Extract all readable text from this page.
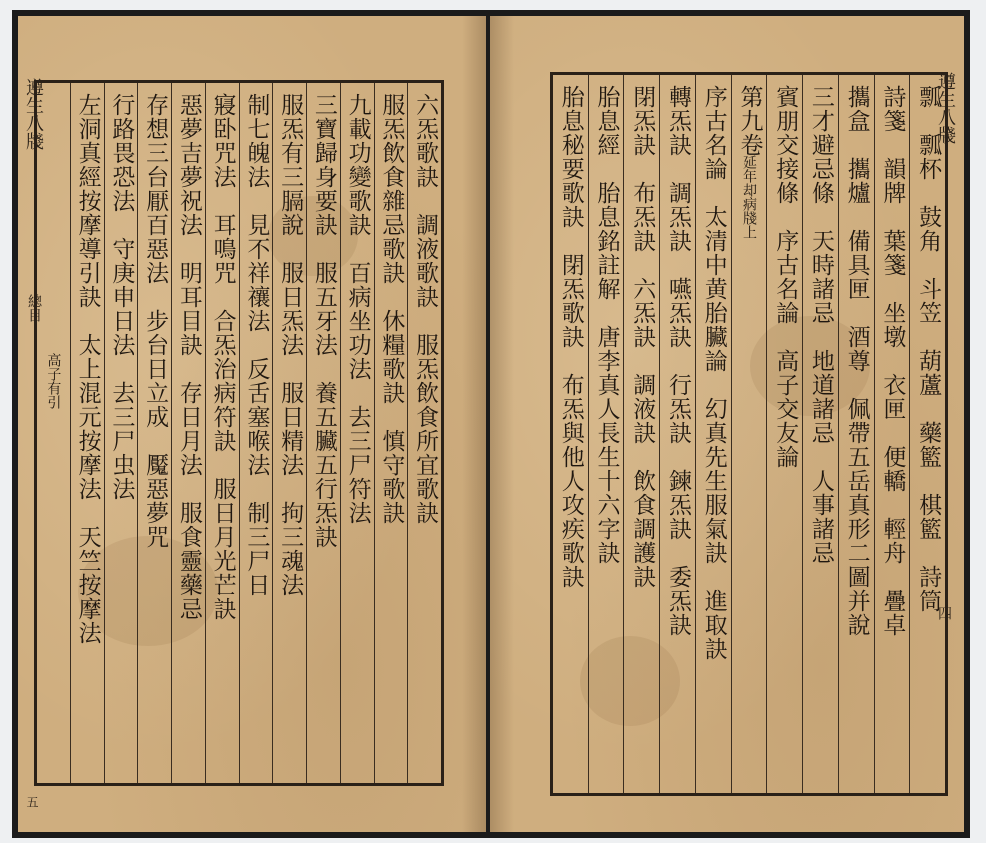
遵生八牋
總目
五
六炁歌訣　調液歌訣　服炁飲食所宜歌訣
服炁飲食雜忌歌訣　休糧歌訣　慎守歌訣
九載功變歌訣　百病坐功法　去三尸符法
三寶歸身要訣　服五牙法　養五臟五行炁訣
服炁有三膈說　服日炁法　服日精法　拘三魂法
制七魄法　見不祥禳法　反舌塞喉法　制三尸日
寢卧咒法　耳鳴咒　合炁治病符訣　服日月光芒訣
惡夢吉夢祝法　明耳目訣　存日月法　服食靈藥忌
存想三台厭百惡法　步台日立成　魘惡夢咒
行路畏恐法　守庚申日法　去三尸虫法
左洞真經按摩導引訣　太上混元按摩法　天竺按摩法
高子有引
遵生八牋
四
瓢　瓢杯　鼓角　斗笠　葫蘆　藥籃　棋籃　詩筒
詩箋　韻牌　葉箋　坐墩　衣匣　便轎　輕舟　疊卓
攜盒　攜爐　備具匣　酒尊　佩帶五岳真形二圖并說
三才避忌條　天時諸忌　地道諸忌　人事諸忌
賓朋交接條　序古名論　高子交友論
第九卷
延年却病牋上
序古名論　太清中黄胎臟論　幻真先生服氣訣　進取訣
轉炁訣　調炁訣　嚥炁訣　行炁訣　鍊炁訣　委炁訣
閉炁訣　布炁訣　六炁訣　調液訣　飲食調護訣
胎息經　胎息銘註解　唐李真人長生十六字訣
胎息秘要歌訣　閉炁歌訣　布炁與他人攻疾歌訣
